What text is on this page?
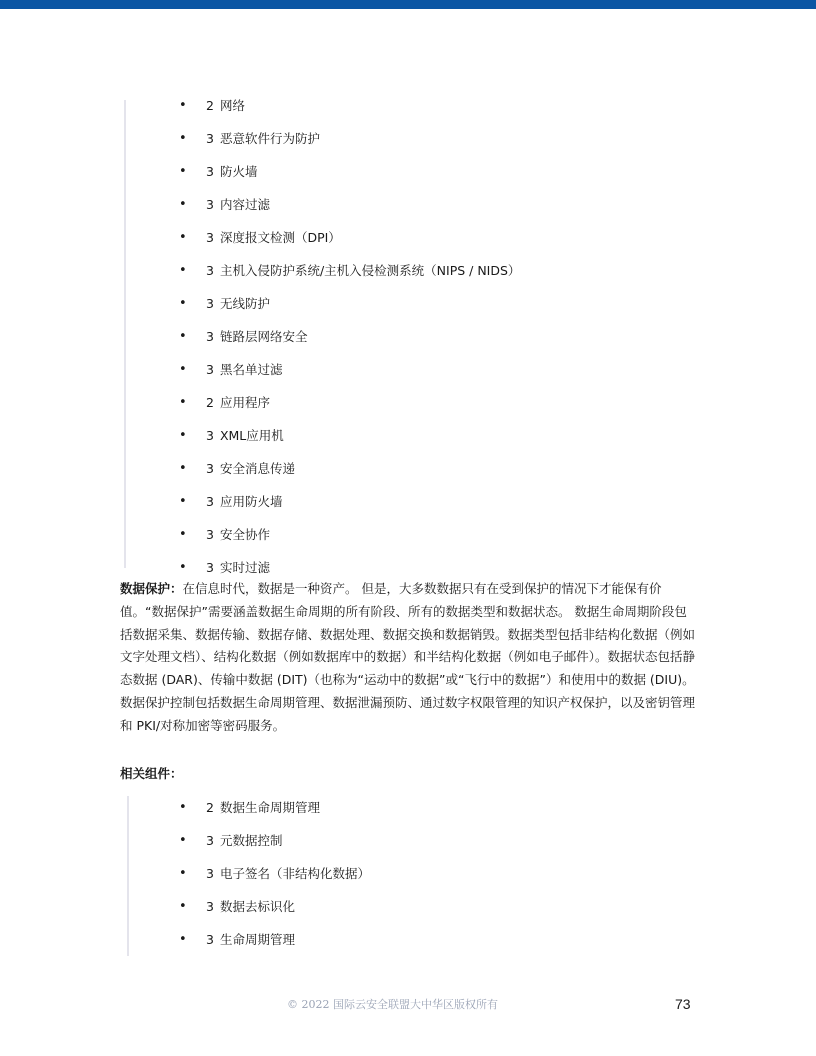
• 2 网络
• 3 恶意软件行为防护
• 3 防火墙
• 3 内容过滤
• 3 深度报文检测（DPI）
• 3 主机入侵防护系统/主机入侵检测系统（NIPS / NIDS）
• 3 无线防护
• 3 链路层网络安全
• 3 黑名单过滤
• 2 应用程序
• 3 XML应用机
• 3 安全消息传递
• 3 应用防火墙
• 3 安全协作
• 3 实时过滤

数据保护：在信息时代，数据是一种资产。 但是，大多数数据只有在受到保护的情况下才能保有价值。“数据保护”需要涵盖数据生命周期的所有阶段、所有的数据类型和数据状态。 数据生命周期阶段包括数据采集、数据传输、数据存储、数据处理、数据交换和数据销毁。数据类型包括非结构化数据（例如文字处理文档）、结构化数据（例如数据库中的数据）和半结构化数据（例如电子邮件）。数据状态包括静态数据 (DAR)、传输中数据 (DIT)（也称为“运动中的数据”或“飞行中的数据”）和使用中的数据 (DIU)。 数据保护控制包括数据生命周期管理、数据泄漏预防、通过数字权限管理的知识产权保护，以及密钥管理和 PKI/对称加密等密码服务。

相关组件：

• 2 数据生命周期管理
• 3 元数据控制
• 3 电子签名（非结构化数据）
• 3 数据去标识化
• 3 生命周期管理
© 2022 国际云安全联盟大中华区版权所有	73
